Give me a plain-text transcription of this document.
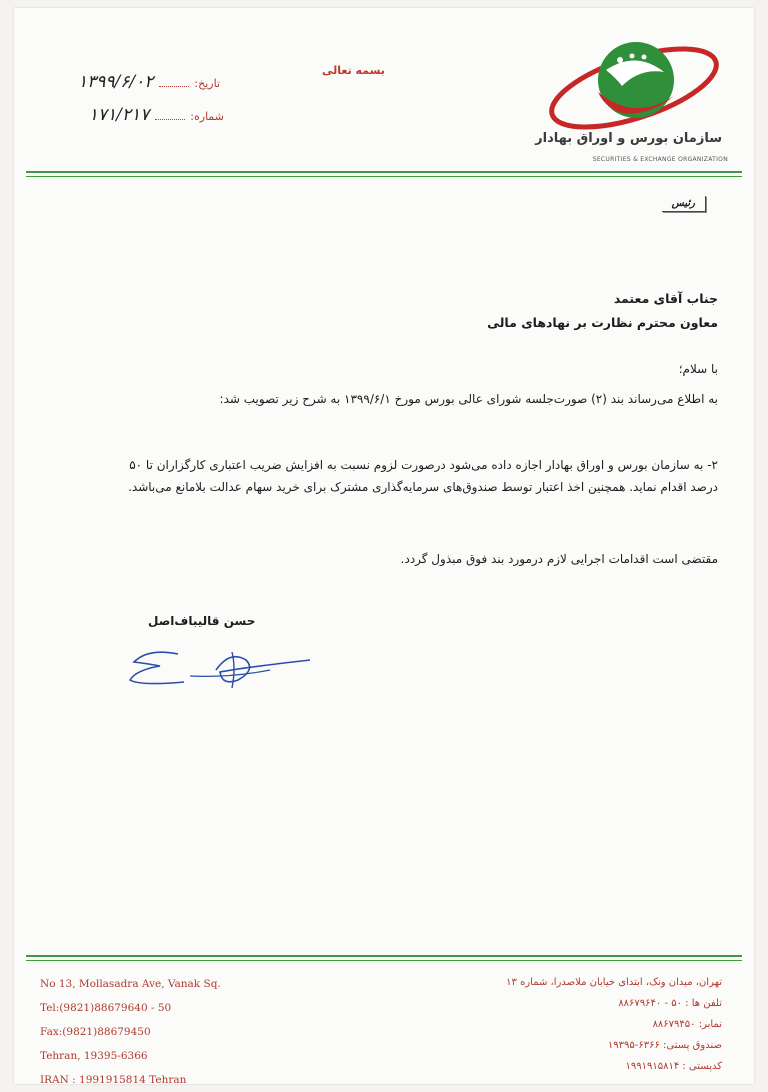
سازمان بورس و اوراق بهادار
SECURITIES & EXCHANGE ORGANIZATION
بسمه تعالی
تاریخ:  ۱۳۹۹/۶/۰۲
شماره:  ۱۷۱/۲۱۷
رئیس
جناب آقای معتمد
معاون محترم نظارت بر نهادهای مالی
با سلام؛
به اطلاع می‌رساند بند (۲) صورت‌جلسه شورای عالی بورس مورخ ۱۳۹۹/۶/۱ به شرح زیر تصویب شد:
۲- به سازمان بورس و اوراق بهادار اجازه داده می‌شود درصورت لزوم نسبت به افزایش ضریب اعتباری کارگزاران تا ۵۰ درصد اقدام نماید. همچنین اخذ اعتبار توسط صندوق‌های سرمایه‌گذاری مشترک برای خرید سهام عدالت بلامانع می‌باشد.
مقتضی است اقدامات اجرایی لازم درمورد بند فوق مبذول گردد.
حسن قالیباف‌اصل
No 13, Mollasadra Ave, Vanak Sq.
Tel:(9821)88679640 - 50
Fax:(9821)88679450
Tehran, 19395-6366
IRAN : 1991915814 Tehran
تهران، میدان ونک، ابتدای خیابان ملاصدرا، شماره ۱۳
تلفن ها : ۵۰ - ۸۸۶۷۹۶۴۰
نمابر: ۸۸۶۷۹۴۵۰
صندوق پستی: ۶۳۶۶-۱۹۳۹۵
کدپستی : ۱۹۹۱۹۱۵۸۱۴
